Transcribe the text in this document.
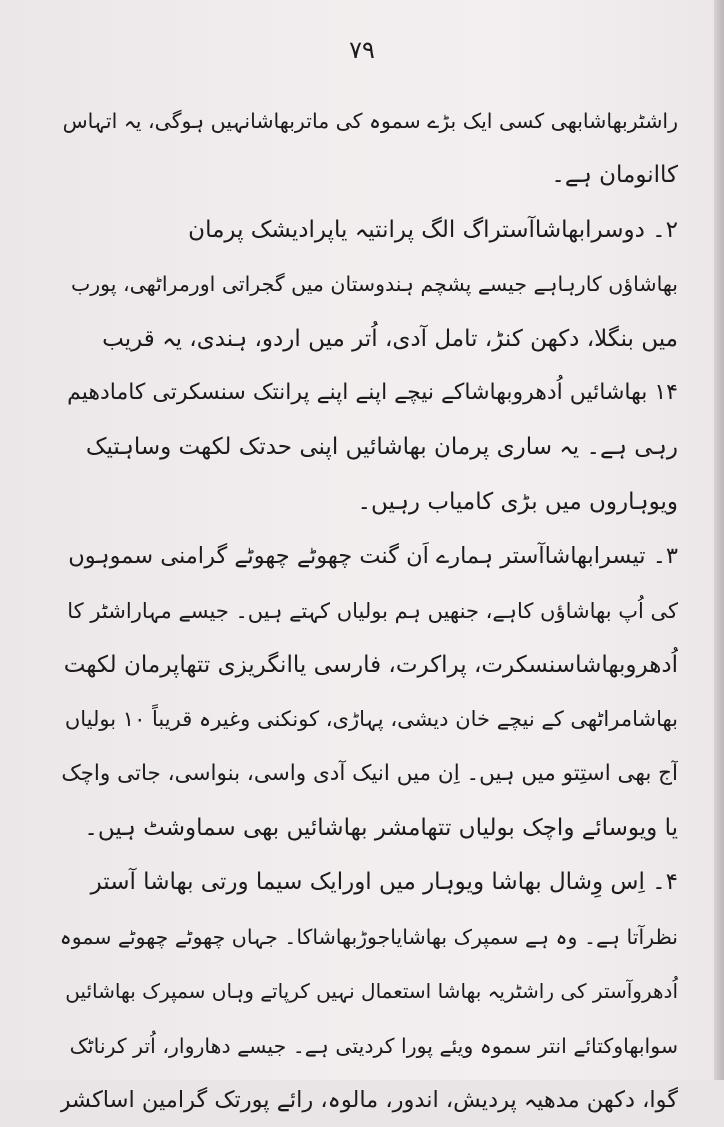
۷۹
راشٹربھاشابھی کسی ایک بڑے سموہ کی ماتربھاشانہیں ہوگی، یہ اتہاس
کاانومان ہے۔
۲۔ دوسرابھاشاآستراگ الگ پرانتیہ یاپرادیشک پرمان
بھاشاؤں کارہاہے جیسے پشچم ہندوستان میں گجراتی اورمراٹھی، پورب
میں بنگلا، دکھن کنڑ، تامل آدی، اُتر میں اردو، ہندی، یہ قریب
۱۴ بھاشائیں اُدھروبھاشاکے نیچے اپنے اپنے پرانتک سنسکرتی کامادھیم
رہی ہے۔ یہ ساری پرمان بھاشائیں اپنی حدتک لکھت وساہتیک
ویوہاروں میں بڑی کامیاب رہیں۔
۳۔ تیسرابھاشاآستر ہمارے اَن گنت چھوٹے چھوٹے گرامنی سموہوں
کی اُپ بھاشاؤں کاہے، جنھیں ہم بولیاں کہتے ہیں۔ جیسے مہاراشٹر کا
اُدھروبھاشاسنسکرت، پراکرت، فارسی یاانگریزی تتھاپرمان لکھت
بھاشامراٹھی کے نیچے خان دیشی، پہاڑی، کونکنی وغیرہ قریباً ۱۰ بولیاں
آج بھی استِتو میں ہیں۔ اِن میں انیک آدی واسی، بنواسی، جاتی واچک
یا ویوسائے واچک بولیاں تتھامشر بھاشائیں بھی سماوشٹ ہیں۔
۴۔ اِس وِشال بھاشا ویوہار میں اورایک سیما ورتی بھاشا آستر
نظرآتا ہے۔ وہ ہے سمپرک بھاشایاجوڑبھاشاکا۔ جہاں چھوٹے چھوٹے سموہ
اُدھروآستر کی راشٹریہ بھاشا استعمال نہیں کرپاتے وہاں سمپرک بھاشائیں
سوابھاوکتائے انتر سموہ ویئے پورا کردیتی ہے۔ جیسے دھاروار، اُتر کرناٹک
گوا، دکھن مدھیہ پردیش، اندور، مالوہ، رائے پورتک گرامین اساکشر
